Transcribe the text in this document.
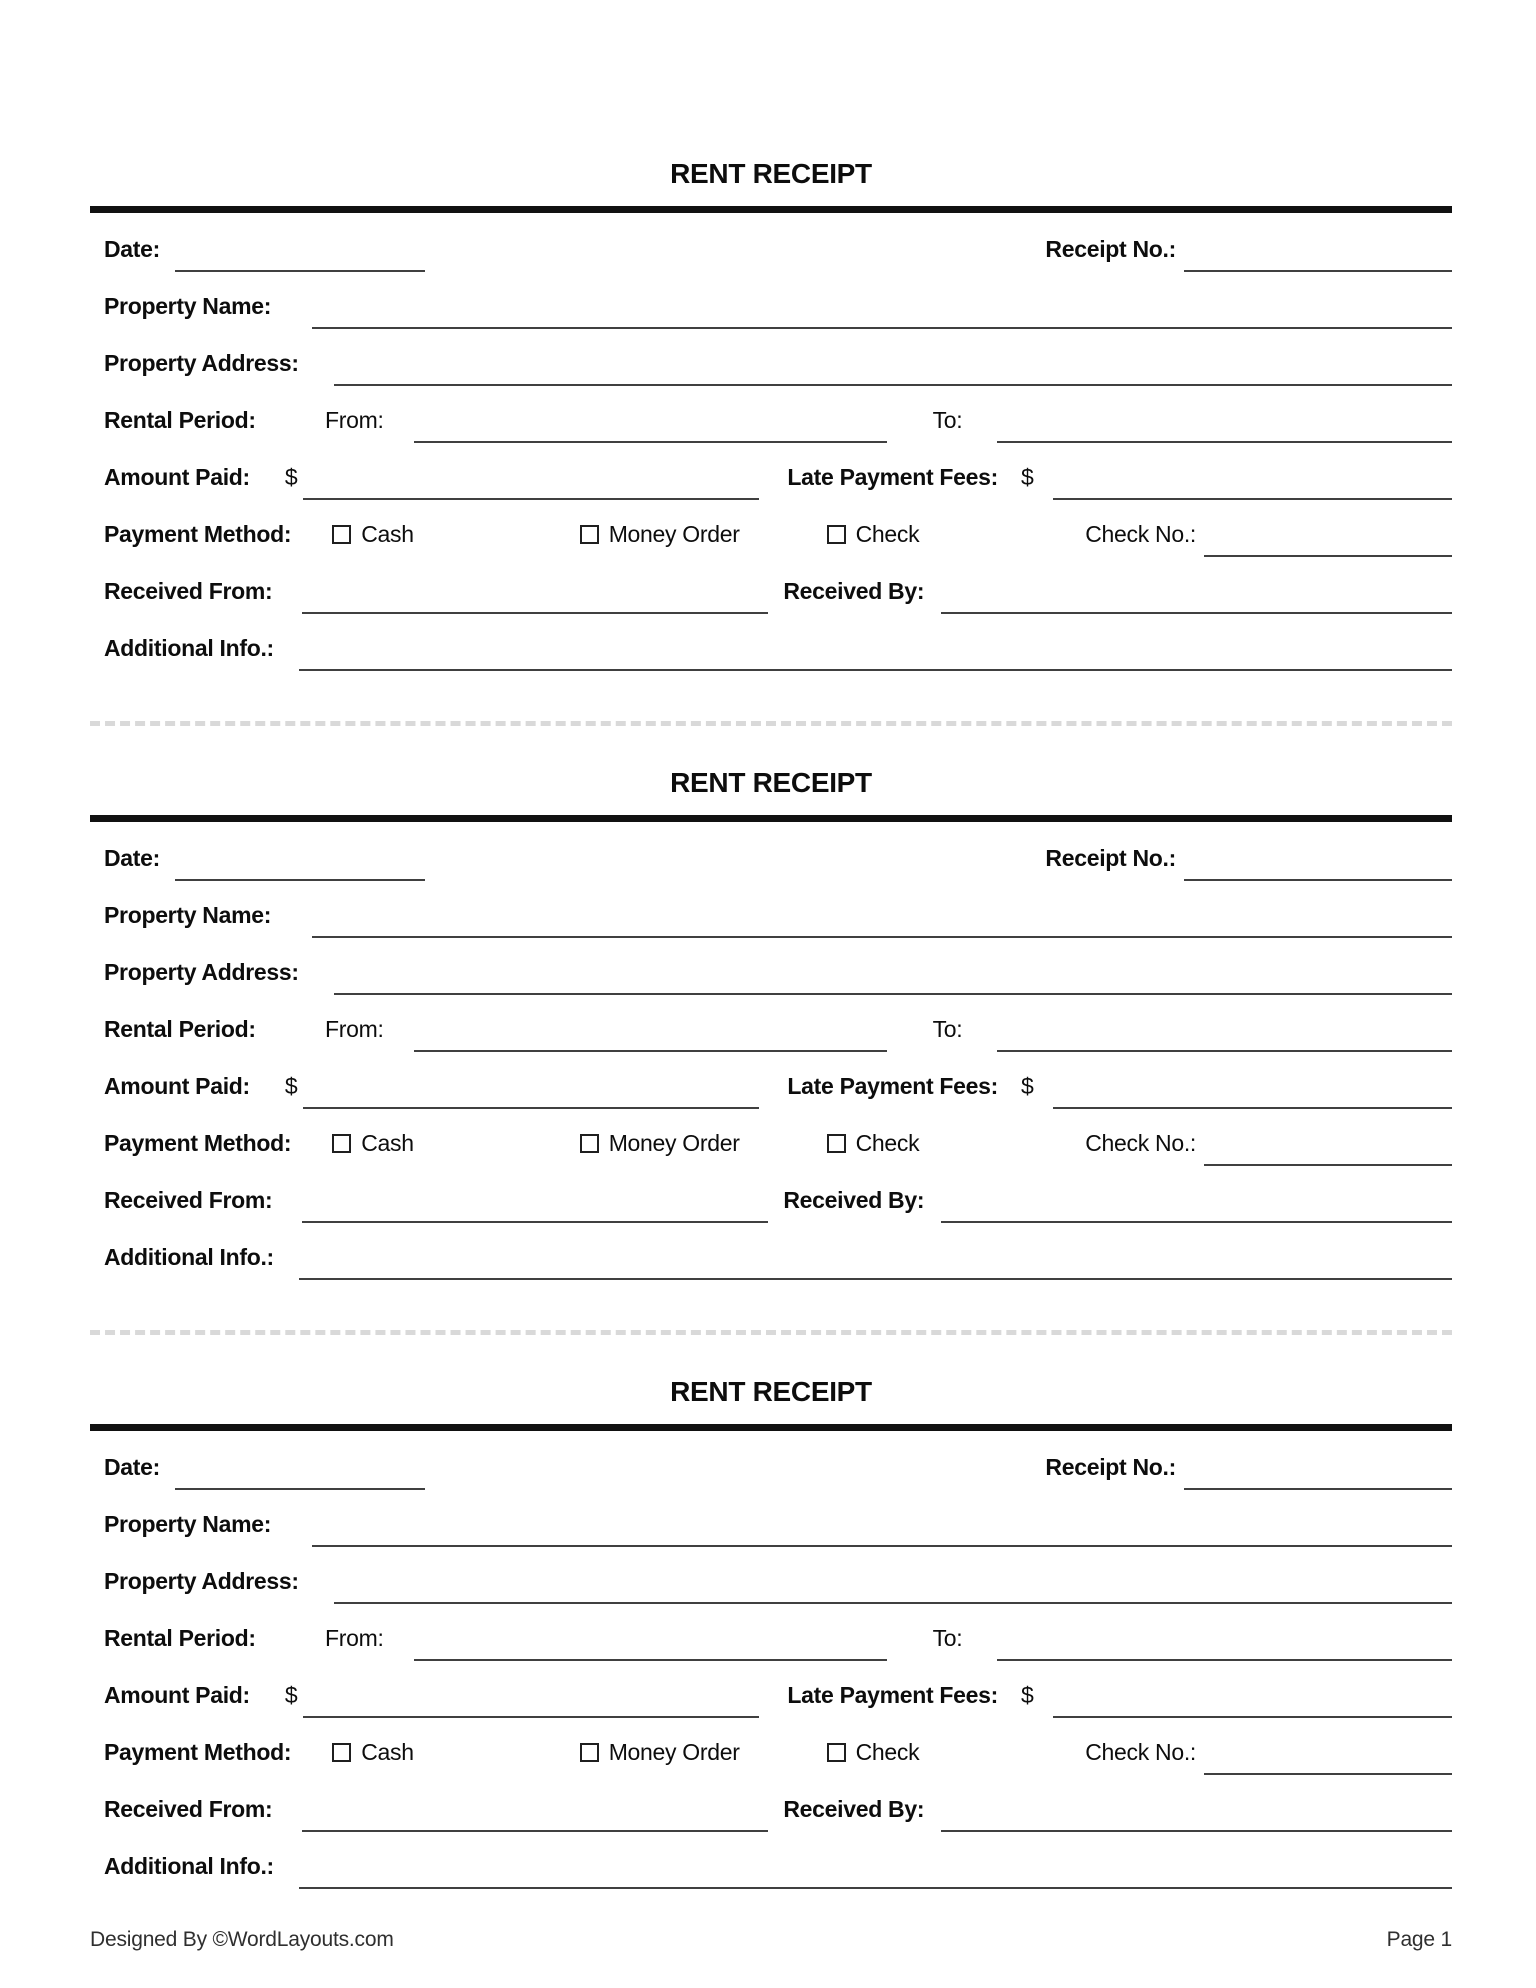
RENT RECEIPT
Date:	Receipt No.:
Property Name:
Property Address:
Rental Period:	From:	To:
Amount Paid: $	Late Payment Fees: $
Payment Method:	Cash	Money Order	Check	Check No.:
Received From:	Received By:
Additional Info.:
RENT RECEIPT
Date:	Receipt No.:
Property Name:
Property Address:
Rental Period:	From:	To:
Amount Paid: $	Late Payment Fees: $
Payment Method:	Cash	Money Order	Check	Check No.:
Received From:	Received By:
Additional Info.:
RENT RECEIPT
Date:	Receipt No.:
Property Name:
Property Address:
Rental Period:	From:	To:
Amount Paid: $	Late Payment Fees: $
Payment Method:	Cash	Money Order	Check	Check No.:
Received From:	Received By:
Additional Info.:
Designed By ©WordLayouts.com	Page 1
